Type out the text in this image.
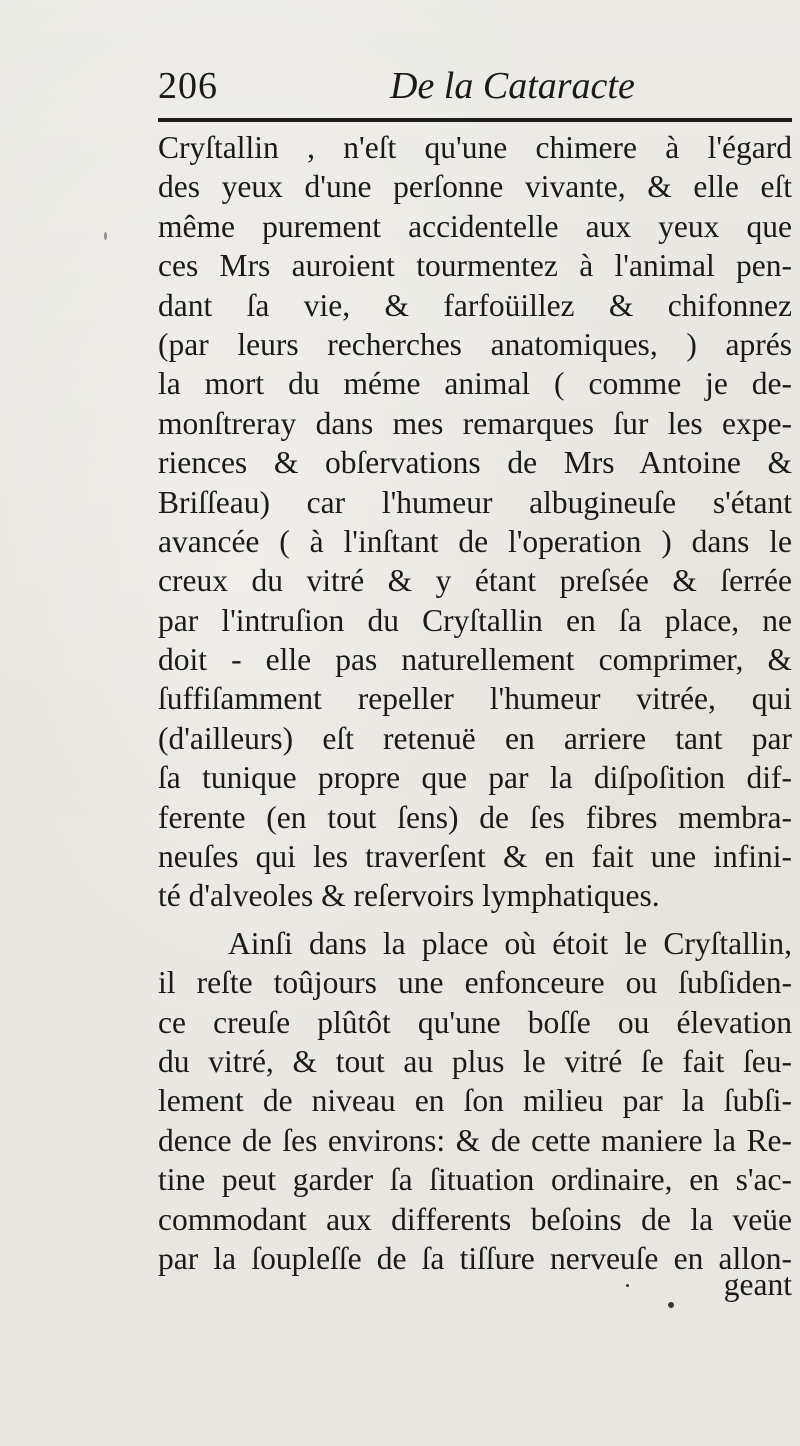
206	De la Cataracte
Cryſtallin , n'eſt qu'une chimere à l'égard
des yeux d'une perſonne vivante, & elle eſt
même purement accidentelle aux yeux que
ces Mrs auroient tourmentez à l'animal pen-
dant ſa vie, & farfoüillez & chifonnez
(par leurs recherches anatomiques, ) aprés
la mort du méme animal ( comme je de-
monſtreray dans mes remarques ſur les expe-
riences & obſervations de Mrs Antoine &
Briſſeau) car l'humeur albugineuſe s'étant
avancée ( à l'inſtant de l'operation ) dans le
creux du vitré & y étant preſsée & ſerrée
par l'intruſion du Cryſtallin en ſa place, ne
doit - elle pas naturellement comprimer, &
ſuffiſamment repeller l'humeur vitrée, qui
(d'ailleurs) eſt retenuë en arriere tant par
ſa tunique propre que par la diſpoſition dif-
ferente (en tout ſens) de ſes fibres membra-
neuſes qui les traverſent & en fait une infini-
té d'alveoles & reſervoirs lymphatiques.
Ainſi dans la place où étoit le Cryſtallin,
il reſte toûjours une enfonceure ou ſubſiden-
ce creuſe plûtôt qu'une boſſe ou élevation
du vitré, & tout au plus le vitré ſe fait ſeu-
lement de niveau en ſon milieu par la ſubſi-
dence de ſes environs: & de cette maniere la Re-
tine peut garder ſa ſituation ordinaire, en s'ac-
commodant aux differents beſoins de la veüe
par la ſoupleſſe de ſa tiſſure nerveuſe en allon-
geant
